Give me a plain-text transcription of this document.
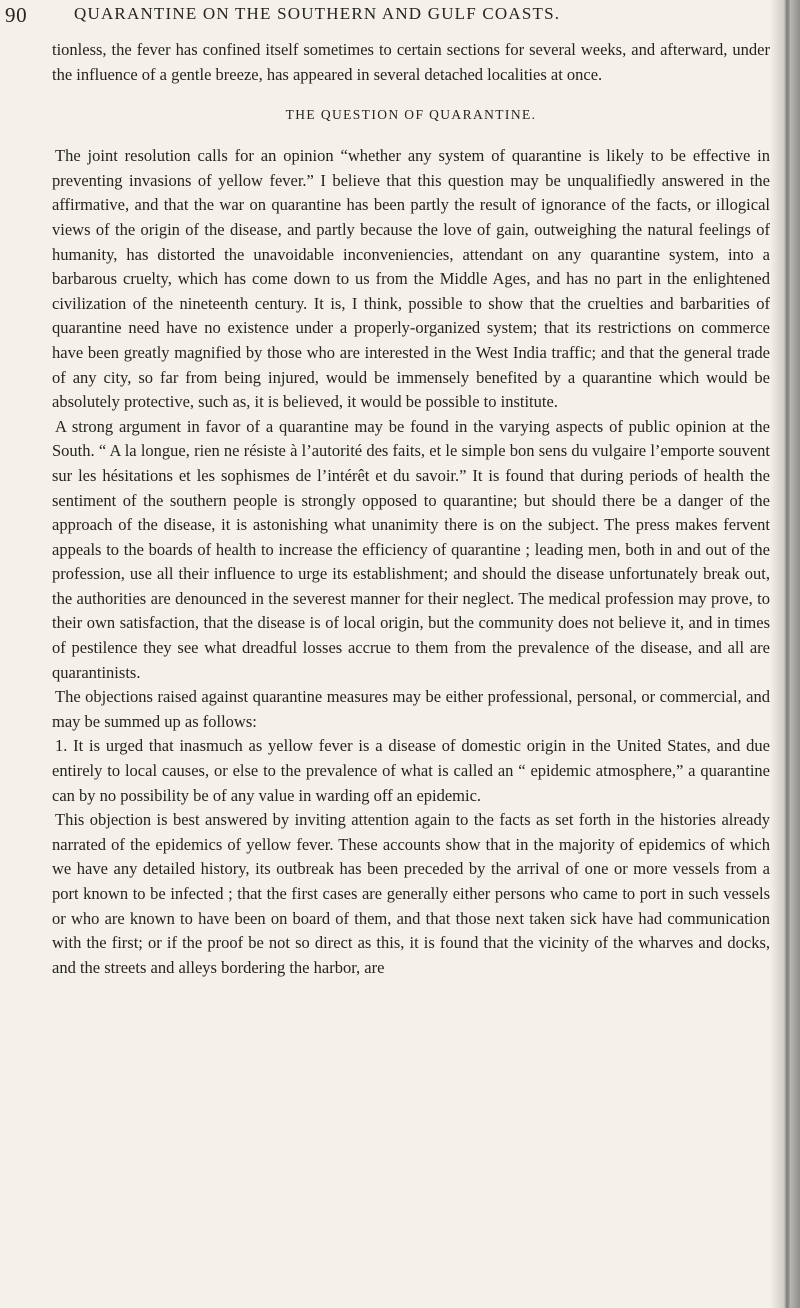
90	QUARANTINE ON THE SOUTHERN AND GULF COASTS.

tionless, the fever has confined itself sometimes to certain sections for several weeks, and afterward, under the influence of a gentle breeze, has appeared in several detached localities at once.

THE QUESTION OF QUARANTINE.

The joint resolution calls for an opinion “whether any system of quarantine is likely to be effective in preventing invasions of yellow fever.” I believe that this question may be unqualifiedly answered in the affirmative, and that the war on quarantine has been partly the result of ignorance of the facts, or illogical views of the origin of the disease, and partly because the love of gain, outweighing the natural feelings of humanity, has distorted the unavoidable inconveniencies, attendant on any quarantine system, into a barbarous cruelty, which has come down to us from the Middle Ages, and has no part in the enlightened civilization of the nineteenth century. It is, I think, possible to show that the cruelties and barbarities of quarantine need have no existence under a properly-organized system; that its restrictions on commerce have been greatly magnified by those who are interested in the West India traffic; and that the general trade of any city, so far from being injured, would be immensely benefited by a quarantine which would be absolutely protective, such as, it is believed, it would be possible to institute.

A strong argument in favor of a quarantine may be found in the varying aspects of public opinion at the South. “ A la longue, rien ne résiste à l’autorité des faits, et le simple bon sens du vulgaire l’emporte souvent sur les hésitations et les sophismes de l’intérêt et du savoir.” It is found that during periods of health the sentiment of the southern people is strongly opposed to quarantine; but should there be a danger of the approach of the disease, it is astonishing what unanimity there is on the subject. The press makes fervent appeals to the boards of health to increase the efficiency of quarantine ; leading men, both in and out of the profession, use all their influence to urge its establishment; and should the disease unfortunately break out, the authorities are denounced in the severest manner for their neglect. The medical profession may prove, to their own satisfaction, that the disease is of local origin, but the community does not believe it, and in times of pestilence they see what dreadful losses accrue to them from the prevalence of the disease, and all are quarantinists.

The objections raised against quarantine measures may be either professional, personal, or commercial, and may be summed up as follows:

1. It is urged that inasmuch as yellow fever is a disease of domestic origin in the United States, and due entirely to local causes, or else to the prevalence of what is called an “ epidemic atmosphere,” a quarantine can by no possibility be of any value in warding off an epidemic.

This objection is best answered by inviting attention again to the facts as set forth in the histories already narrated of the epidemics of yellow fever. These accounts show that in the majority of epidemics of which we have any detailed history, its outbreak has been preceded by the arrival of one or more vessels from a port known to be infected ; that the first cases are generally either persons who came to port in such vessels or who are known to have been on board of them, and that those next taken sick have had communication with the first; or if the proof be not so direct as this, it is found that the vicinity of the wharves and docks, and the streets and alleys bordering the harbor, are
